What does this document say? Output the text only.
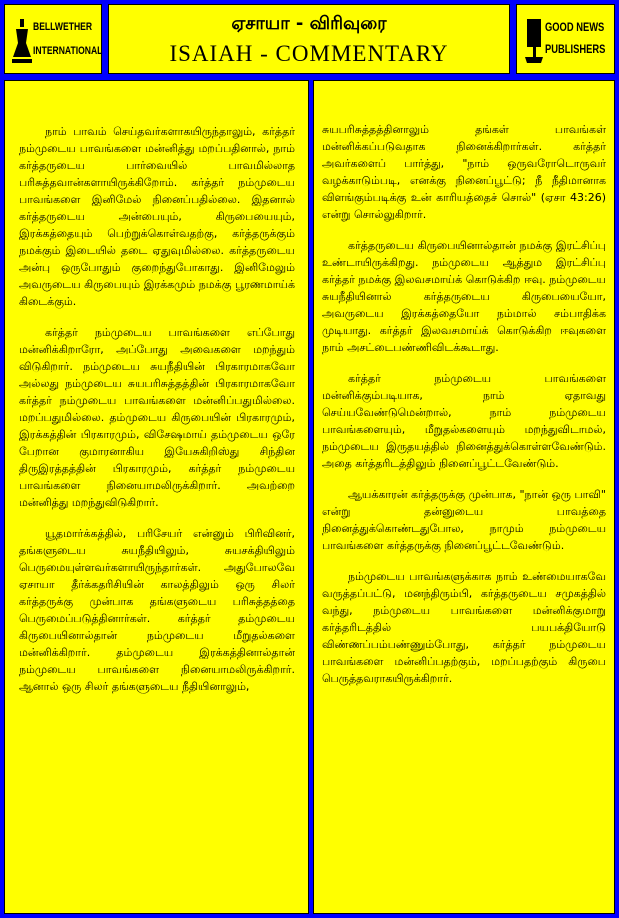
BELLWETHER
INTERNATIONAL
ஏசாயா - விரிவுரை
ISAIAH - COMMENTARY
GOOD NEWS
PUBLISHERS

நாம் பாவம் செய்தவர்களாகயிருந்தாலும், கர்த்தர் நம்முடைய பாவங்களை மன்னித்து மறப்பதினால், நாம் கர்த்தருடைய பார்வையில் பாவமில்லாத பரிசுத்தவான்களாயிருக்கிறோம். கர்த்தர் நம்முடைய பாவங்களை இனிமேல் நினைப்பதில்லை. இதனால் கர்த்தருடைய அன்பையும், கிருபையையும், இரக்கத்தையும் பெற்றுக்கொள்வதற்கு, கர்த்தருக்கும் நமக்கும் இடையில் தடை ஏதுவுமில்லை. கர்த்தருடைய அன்பு ஒருபோதும் குறைந்துபோகாது. இனிமேலும் அவருடைய கிருபையும் இரக்கமும் நமக்கு பூரணமாய்க் கிடைக்கும்.

கர்த்தர் நம்முடைய பாவங்களை எப்போது மன்னிக்கிறாரோ, அப்போது அவைகளை மறந்தும் விடுகிறார். நம்முடைய சுயநீதியின் பிரகாரமாகவோ அல்லது நம்முடைய சுயபரிசுத்தத்தின் பிரகாரமாகவோ கர்த்தர் நம்முடைய பாவங்களை மன்னிப்பதுமில்லை. மறப்பதுமில்லை. தம்முடைய கிருபையின் பிரகாரமும், இரக்கத்தின் பிரகாரமும், விசேஷமாய் தம்முடைய ஒரே பேறான குமாரனாகிய இயேசுகிறிஸ்து சிந்தின திருஇரத்தத்தின் பிரகாரமும், கர்த்தர் நம்முடைய பாவங்களை நினையாமலிருக்கிறார். அவற்றை மன்னித்து மறந்துவிடுகிறார்.

யூதமார்க்கத்தில், பரிசேயர் என்னும் பிரிவினர், தங்களுடைய சுயநீதியிலும், சுயசக்தியிலும் பெருமையுள்ளவர்களாயிருந்தார்கள். அதுபோலவே ஏசாயா தீர்க்கதரிசியின் காலத்திலும் ஒரு சிலர் கர்த்தருக்கு முன்பாக தங்களுடைய பரிசுத்தத்தை பெருமைப்படுத்தினார்கள். கர்த்தர் தம்முடைய கிருபையினால்தான் நம்முடைய மீறுதல்களை மன்னிக்கிறார். தம்முடைய இரக்கத்தினால்தான் நம்முடைய பாவங்களை நினையாமலிருக்கிறார். ஆனால் ஒரு சிலர் தங்களுடைய நீதியினாலும்,

சுயபரிசுத்தத்தினாலும் தங்கள் பாவங்கள் மன்னிக்கப்படுவதாக நினைக்கிறார்கள். கர்த்தர் அவர்களைப் பார்த்து, "நாம் ஒருவரோடொருவர் வழக்காடும்படி, எனக்கு நினைப்பூட்டு; நீ நீதிமானாக விளங்கும்படிக்கு உன் காரியத்தைச் சொல்" (ஏசா 43:26) என்று சொல்லுகிறார்.

கர்த்தருடைய கிருபையினால்தான் நமக்கு இரட்சிப்பு உண்டாயிருக்கிறது. நம்முடைய ஆத்தும இரட்சிப்பு கர்த்தர் நமக்கு இலவசமாய்க் கொடுக்கிற ஈவு. நம்முடைய சுயநீதியினால் கர்த்தருடைய கிருபையையோ, அவருடைய இரக்கத்தையோ நம்மால் சம்பாதிக்க முடியாது. கர்த்தர் இலவசமாய்க் கொடுக்கிற ஈவுகளை நாம் அசட்டைபண்ணிவிடக்கூடாது.

கர்த்தர் நம்முடைய பாவங்களை மன்னிக்கும்படியாக, நாம் ஏதாவது செய்யவேண்டுமென்றால், நாம் நம்முடைய பாவங்களையும், மீறுதல்களையும் மறந்துவிடாமல், நம்முடைய இருதயத்தில் நினைத்துக்கொள்ளவேண்டும். அதை கர்த்தரிடத்திலும் நினைப்பூட்டவேண்டும்.

ஆயக்காரன் கர்த்தருக்கு முன்பாக, "நான் ஒரு பாவி" என்று தன்னுடைய பாவத்தை நினைத்துக்கொண்டதுபோல, நாமும் நம்முடைய பாவங்களை கர்த்தருக்கு நினைப்பூட்டவேண்டும்.

நம்முடைய பாவங்களுக்காக நாம் உண்மையாகவே வருத்தப்பட்டு, மனந்திரும்பி, கர்த்தருடைய சமுகத்தில் வந்து, நம்முடைய பாவங்களை மன்னிக்குமாறு கர்த்தரிடத்தில் பயபக்தியோடு விண்ணப்பம்பண்ணும்போது, கர்த்தர் நம்முடைய பாவங்களை மன்னிப்பதற்கும், மறப்பதற்கும் கிருபை பெருத்தவராகயிருக்கிறார்.
